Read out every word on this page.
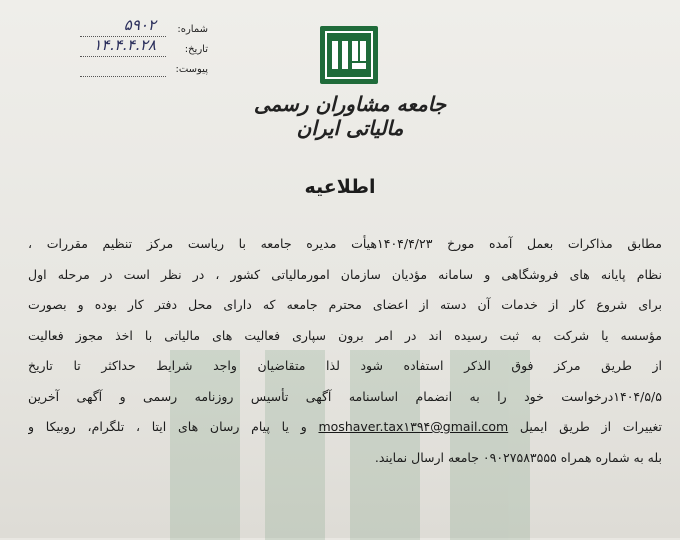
شماره:
۵۹۰۲
تاریخ:
۱۴.۴.۴.۲۸
پیوست:
جامعه مشاوران رسمی مالیاتی ایران
اطلاعیه
مطابق مذاکرات بعمل آمده مورخ ۱۴۰۴/۴/۲۳هیأت مدیره جامعه با ریاست مرکز تنظیم مقررات ،
نظام پایانه های فروشگاهی و سامانه مؤدیان سازمان امورمالیاتی کشور ، در نظر است در مرحله اول
برای شروع کار از خدمات آن دسته از اعضای محترم جامعه که دارای محل دفتر کار بوده و بصورت
مؤسسه یا شرکت به ثبت رسیده اند در امر برون سپاری فعالیت های مالیاتی با اخذ مجوز فعالیت
از طریق مرکز فوق الذکر استفاده شود لذا متقاضیان واجد شرایط حداکثر تا تاریخ
۱۴۰۴/۵/۵درخواست خود را به انضمام اساسنامه آگهی تأسیس روزنامه رسمی و آگهی آخرین
تغییرات از طریق ایمیل moshaver.tax۱۳۹۴@gmail.com و یا پیام رسان های ایتا ، تلگرام، روبیکا و
بله به شماره همراه ۰۹۰۲۷۵۸۳۵۵۵ جامعه ارسال نمایند.
